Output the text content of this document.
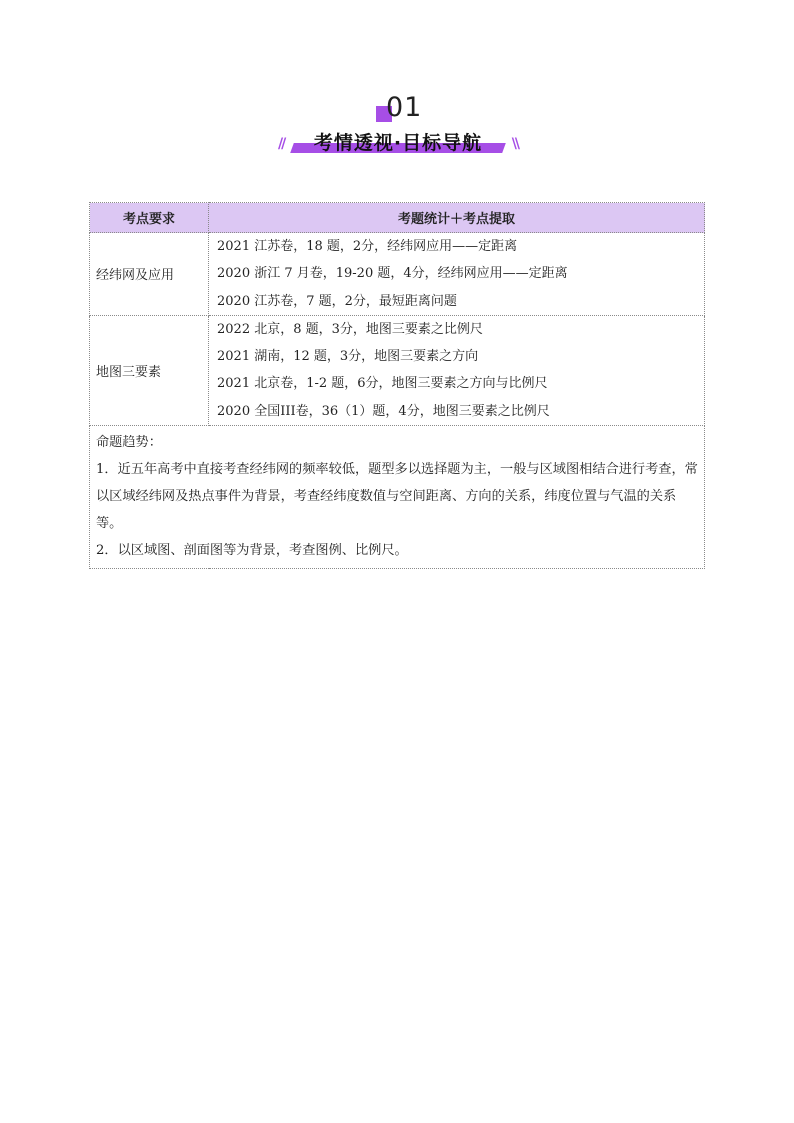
01
//	考情透视·目标导航	\\
考点要求	考题统计＋考点提取
经纬网及应用	2021 江苏卷，18 题，2分，经纬网应用——定距离
2020 浙江 7 月卷，19-20 题，4分，经纬网应用——定距离
2020 江苏卷，7 题，2分，最短距离问题

地图三要素	2022 北京，8 题，3分，地图三要素之比例尺
2021 湖南，12 题，3分，地图三要素之方向
2021 北京卷，1-2 题，6分，地图三要素之方向与比例尺
2020 全国III卷，36（1）题，4分，地图三要素之比例尺

命题趋势：

1．近五年高考中直接考查经纬网的频率较低，题型多以选择题为主，一般与区域图相结合进行考查，常以区域经纬网及热点事件为背景，考查经纬度数值与空间距离、方向的关系，纬度位置与气温的关系等。

2．以区域图、剖面图等为背景，考查图例、比例尺。	
